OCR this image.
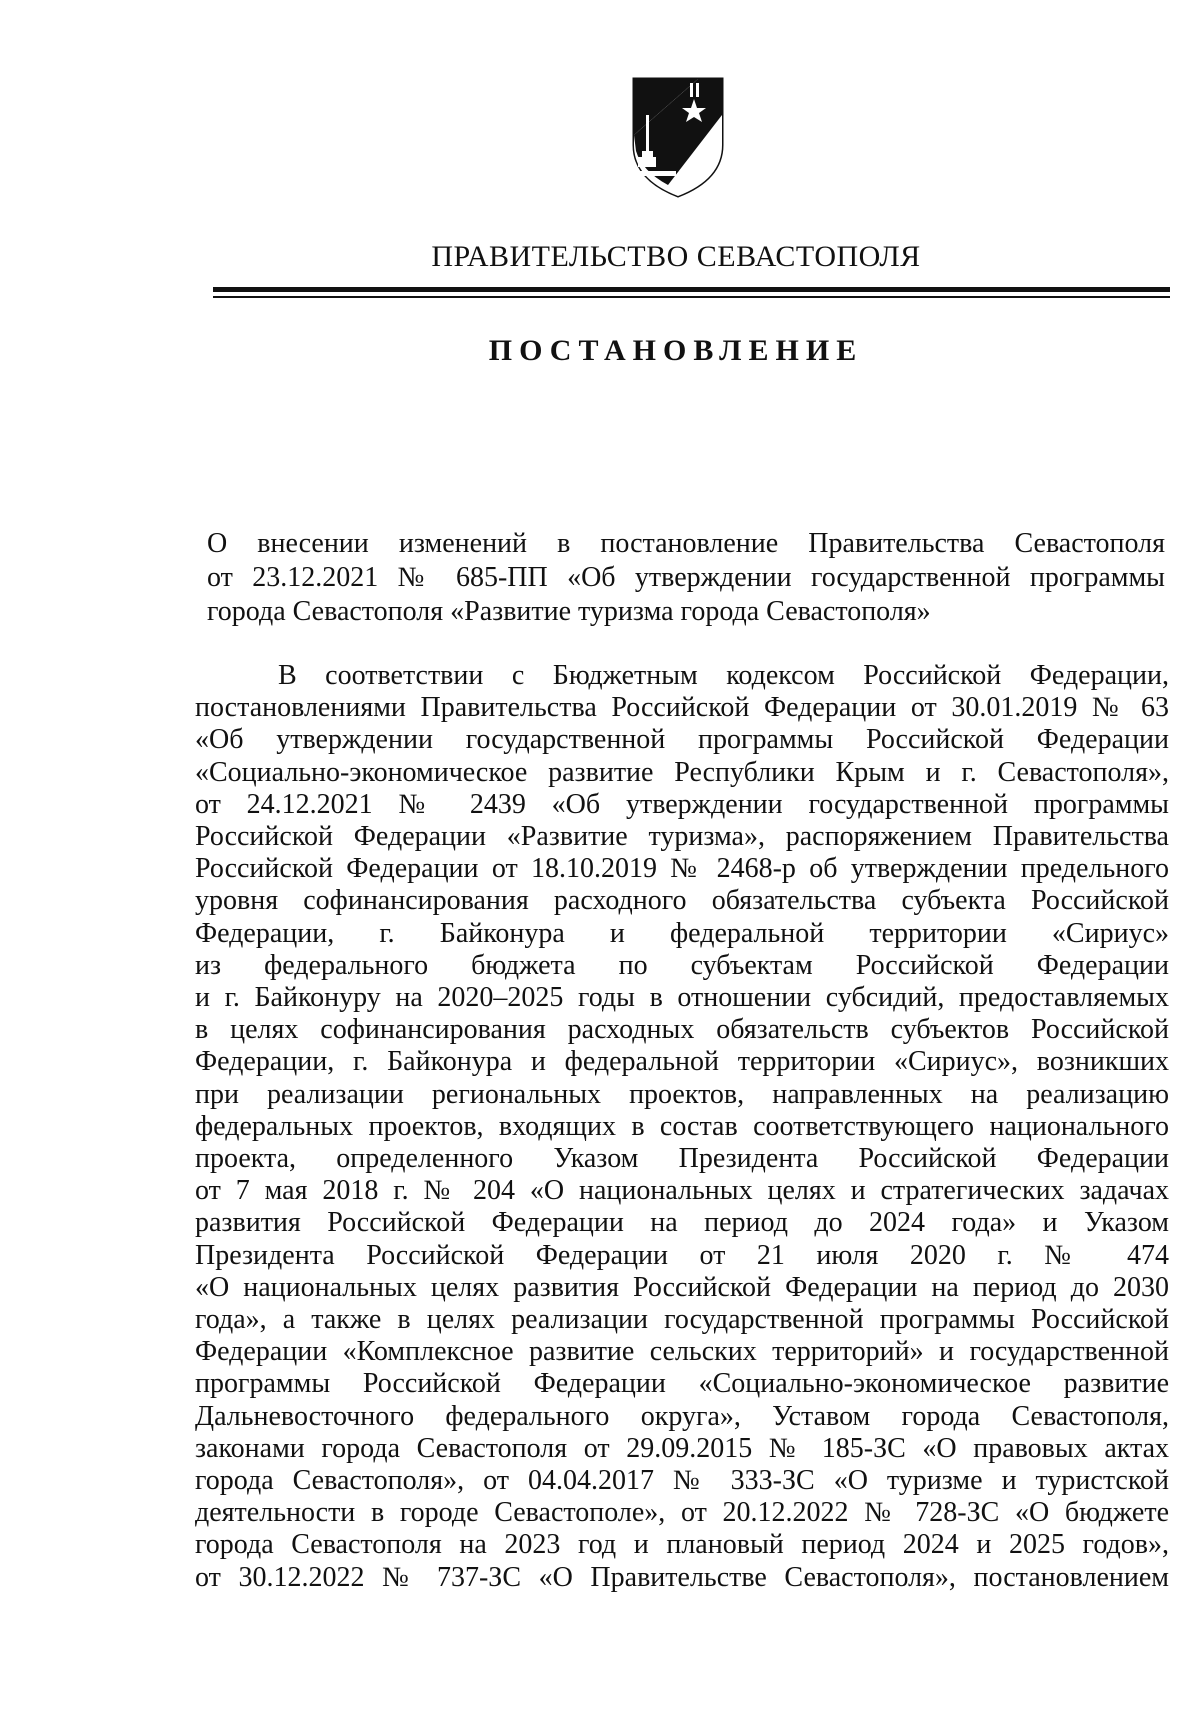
ПРАВИТЕЛЬСТВО СЕВАСТОПОЛЯ
ПОСТАНОВЛЕНИЕ
О внесении изменений в постановление Правительства Севастополя
от 23.12.2021 № 685-ПП «Об утверждении государственной программы
города Севастополя «Развитие туризма города Севастополя»
В соответствии с Бюджетным кодексом Российской Федерации,
постановлениями Правительства Российской Федерации от 30.01.2019 № 63
«Об утверждении государственной программы Российской Федерации
«Социально-экономическое развитие Республики Крым и г. Севастополя»,
от 24.12.2021 № 2439 «Об утверждении государственной программы
Российской Федерации «Развитие туризма», распоряжением Правительства
Российской Федерации от 18.10.2019 № 2468-р об утверждении предельного
уровня софинансирования расходного обязательства субъекта Российской
Федерации, г. Байконура и федеральной территории «Сириус»
из федерального бюджета по субъектам Российской Федерации
и г. Байконуру на 2020–2025 годы в отношении субсидий, предоставляемых
в целях софинансирования расходных обязательств субъектов Российской
Федерации, г. Байконура и федеральной территории «Сириус», возникших
при реализации региональных проектов, направленных на реализацию
федеральных проектов, входящих в состав соответствующего национального
проекта, определенного Указом Президента Российской Федерации
от 7 мая 2018 г. № 204 «О национальных целях и стратегических задачах
развития Российской Федерации на период до 2024 года» и Указом
Президента Российской Федерации от 21 июля 2020 г. № 474
«О национальных целях развития Российской Федерации на период до 2030
года», а также в целях реализации государственной программы Российской
Федерации «Комплексное развитие сельских территорий» и государственной
программы Российской Федерации «Социально-экономическое развитие
Дальневосточного федерального округа», Уставом города Севастополя,
законами города Севастополя от 29.09.2015 № 185-ЗС «О правовых актах
города Севастополя», от 04.04.2017 № 333-ЗС «О туризме и туристской
деятельности в городе Севастополе», от 20.12.2022 № 728-ЗС «О бюджете
города Севастополя на 2023 год и плановый период 2024 и 2025 годов»,
от 30.12.2022 № 737-ЗС «О Правительстве Севастополя», постановлением
